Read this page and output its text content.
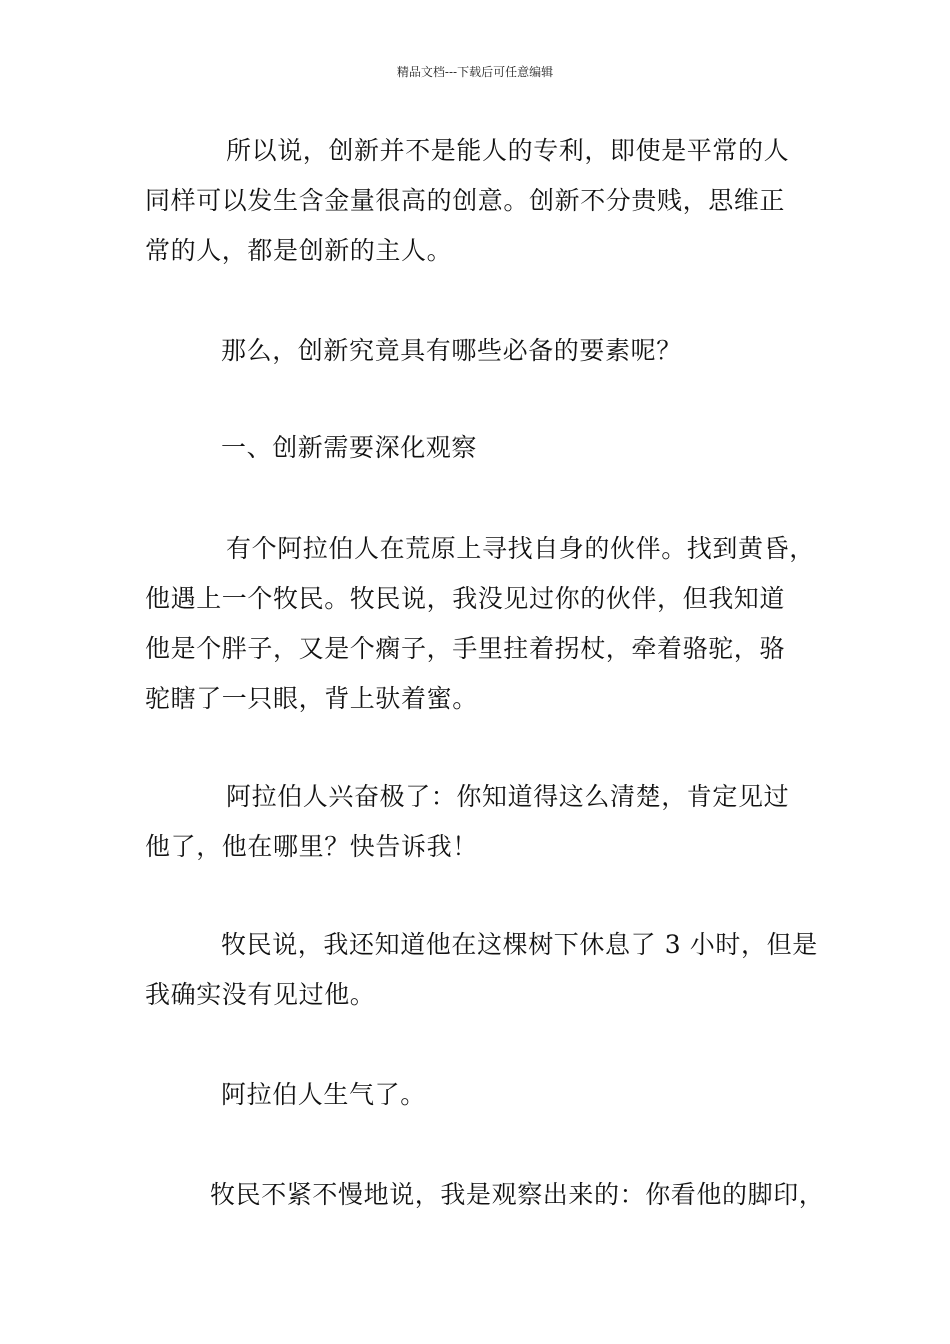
精品文档---下载后可任意编辑
所以说，创新并不是能人的专利，即使是平常的人
同样可以发生含金量很高的创意。创新不分贵贱，思维正
常的人，都是创新的主人。
那么，创新究竟具有哪些必备的要素呢？
一、创新需要深化观察
有个阿拉伯人在荒原上寻找自身的伙伴。找到黄昏，
他遇上一个牧民。牧民说，我没见过你的伙伴，但我知道
他是个胖子，又是个瘸子，手里拄着拐杖，牵着骆驼，骆
驼瞎了一只眼，背上驮着蜜。
阿拉伯人兴奋极了：你知道得这么清楚，肯定见过
他了，他在哪里？快告诉我！
牧民说，我还知道他在这棵树下休息了 3 小时，但是
我确实没有见过他。
阿拉伯人生气了。
牧民不紧不慢地说，我是观察出来的：你看他的脚印，
